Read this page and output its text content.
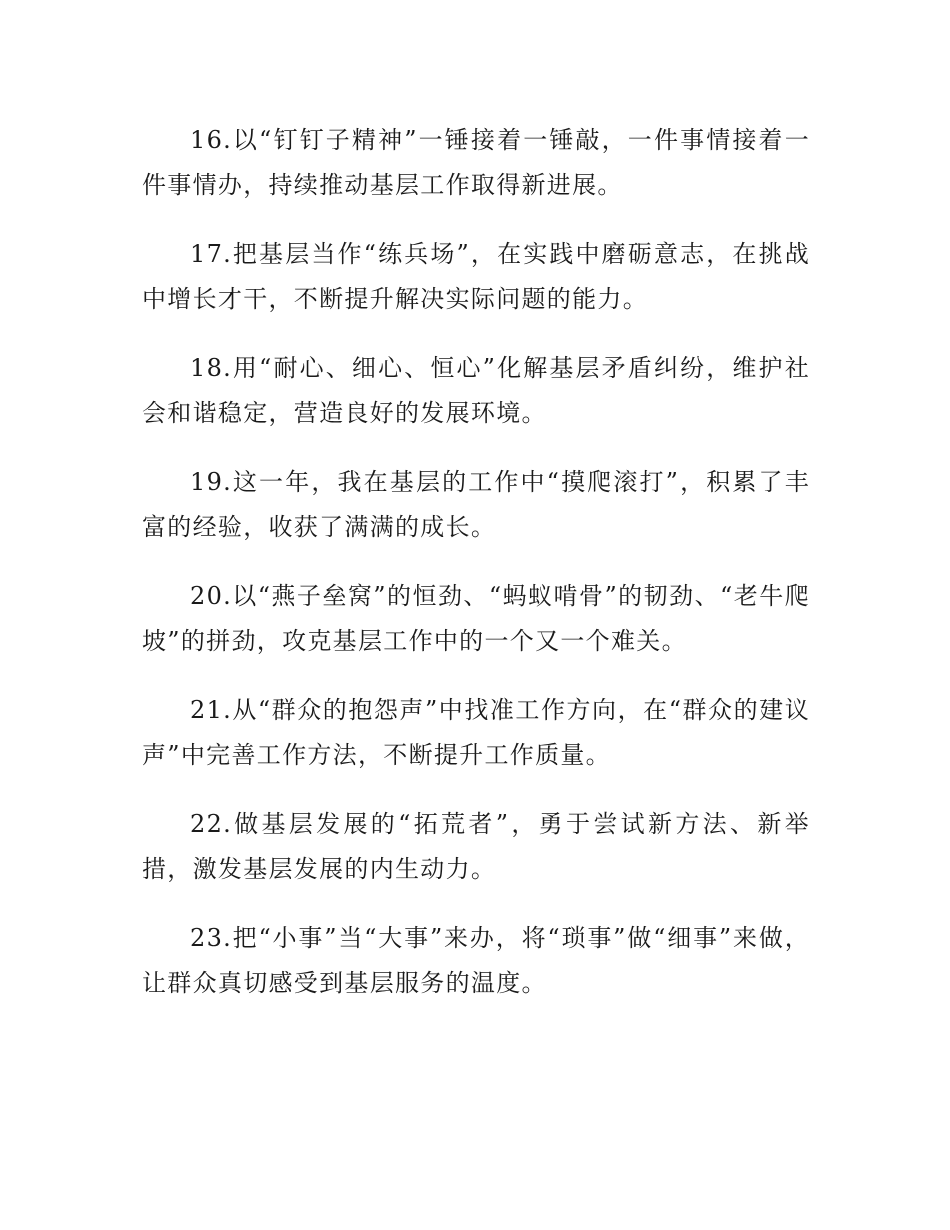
16.以“钉钉子精神”一锤接着一锤敲，一件事情接着一件事情办，持续推动基层工作取得新进展。

17.把基层当作“练兵场”，在实践中磨砺意志，在挑战中增长才干，不断提升解决实际问题的能力。

18.用“耐心、细心、恒心”化解基层矛盾纠纷，维护社会和谐稳定，营造良好的发展环境。

19.这一年，我在基层的工作中“摸爬滚打”，积累了丰富的经验，收获了满满的成长。

20.以“燕子垒窝”的恒劲、“蚂蚁啃骨”的韧劲、“老牛爬坡”的拼劲，攻克基层工作中的一个又一个难关。

21.从“群众的抱怨声”中找准工作方向，在“群众的建议声”中完善工作方法，不断提升工作质量。

22.做基层发展的“拓荒者”，勇于尝试新方法、新举措，激发基层发展的内生动力。

23.把“小事”当“大事”来办，将“琐事”做“细事”来做，让群众真切感受到基层服务的温度。
